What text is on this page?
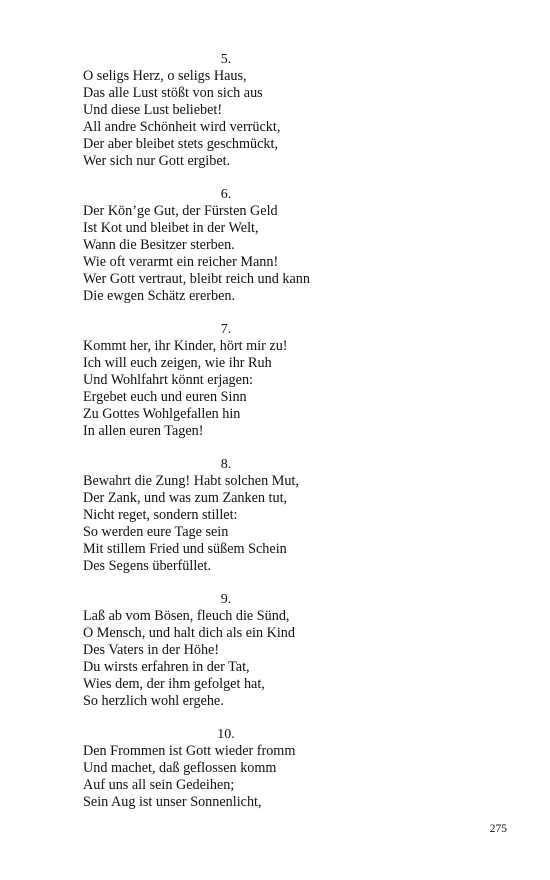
5.
O seligs Herz, o seligs Haus,
Das alle Lust stößt von sich aus
Und diese Lust beliebet!
All andre Schönheit wird verrückt,
Der aber bleibet stets geschmückt,
Wer sich nur Gott ergibet.
6.
Der Kön’ge Gut, der Fürsten Geld
Ist Kot und bleibet in der Welt,
Wann die Besitzer sterben.
Wie oft verarmt ein reicher Mann!
Wer Gott vertraut, bleibt reich und kann
Die ewgen Schätz ererben.
7.
Kommt her, ihr Kinder, hört mir zu!
Ich will euch zeigen, wie ihr Ruh
Und Wohlfahrt könnt erjagen:
Ergebet euch und euren Sinn
Zu Gottes Wohlgefallen hin
In allen euren Tagen!
8.
Bewahrt die Zung! Habt solchen Mut,
Der Zank, und was zum Zanken tut,
Nicht reget, sondern stillet:
So werden eure Tage sein
Mit stillem Fried und süßem Schein
Des Segens überfüllet.
9.
Laß ab vom Bösen, fleuch die Sünd,
O Mensch, und halt dich als ein Kind
Des Vaters in der Höhe!
Du wirsts erfahren in der Tat,
Wies dem, der ihm gefolget hat,
So herzlich wohl ergehe.
10.
Den Frommen ist Gott wieder fromm
Und machet, daß geflossen komm
Auf uns all sein Gedeihen;
Sein Aug ist unser Sonnenlicht,
275
